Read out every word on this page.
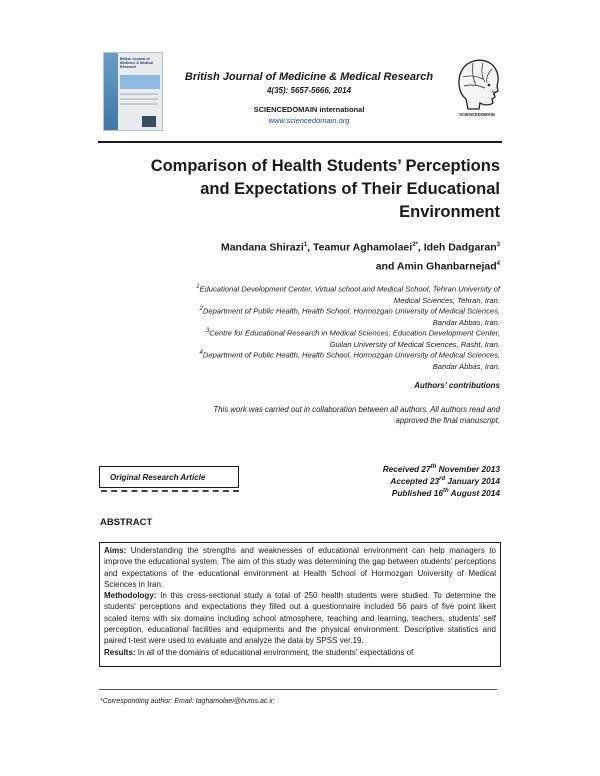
British Journal of Medicine & Medical Research
British Journal of Medicine & Medical Research
4(35): 5657-5666, 2014
SCIENCEDOMAIN international
www.sciencedomain.org
SCIENCEDOMAIN
Comparison of Health Students’ Perceptions
and Expectations of Their Educational
Environment
Mandana Shirazi$^1$, Teamur Aghamolaei$^{2*}$, Ideh Dadgaran$^3$
and Amin Ghanbarnejad$^4$
$^1$Educational Development Center, Virtual school and Medical School, Tehran University of
Medical Sciences, Tehran, Iran.
$^2$Department of Public Health, Health School, Hormozgan University of Medical Sciences,
Bandar Abbas, Iran.
$^3$Centre for Educational Research in Medical Sciences, Education Development Center,
Guilan University of Medical Sciences, Rasht, Iran.
$^4$Department of Public Health, Health School, Hormozgan University of Medical Sciences,
Bandar Abbas, Iran.
Authors’ contributions
This work was carried out in collaboration between all authors. All authors read and
approved the final manuscript.
Original Research Article
Received 27th November 2013
Accepted 23rd January 2014
Published 16th August 2014
ABSTRACT

Aims: Understanding the strengths and weaknesses of educational environment can help managers to improve the educational system. The aim of this study was determining the gap between students' perceptions and expectations of the educational environment at Health School of Hormozgan University of Medical Sciences in Iran.

Methodology: In this cross-sectional study a total of 250 health students were studied. To determine the students' perceptions and expectations they filled out a questionnaire included 56 pairs of five point likert scaled items with six domains including school atmosphere, teaching and learning, teachers, students' self perception, educational facilities and equipments and the physical environment. Descriptive statistics and paired t-test were used to evaluate and analyze the data by SPSS ver.19.

Results: In all of the domains of educational environment, the students' expectations of

*Corresponding author: Email: taghamolaei@hums.ac.ir;
